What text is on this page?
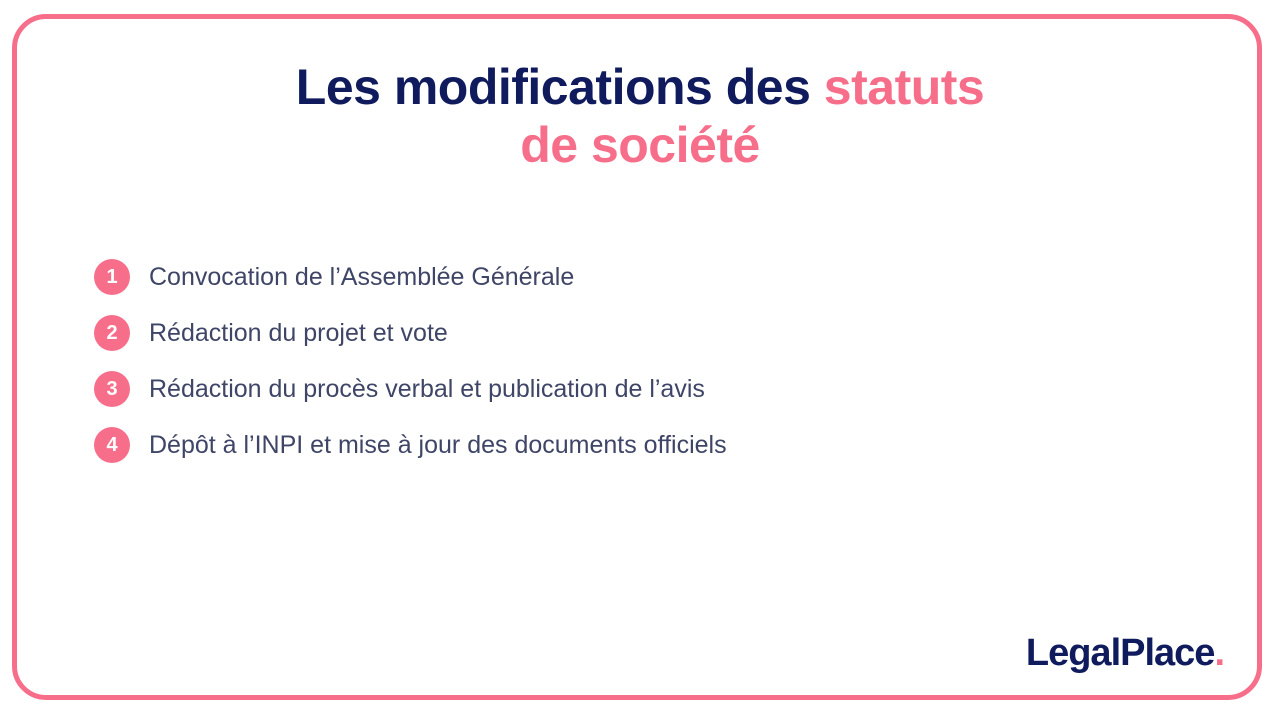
Les modifications des statuts
de société
1	Convocation de l’Assemblée Générale
2	Rédaction du projet et vote
3	Rédaction du procès verbal et publication de l’avis
4	Dépôt à l’INPI et mise à jour des documents officiels
LegalPlace.
